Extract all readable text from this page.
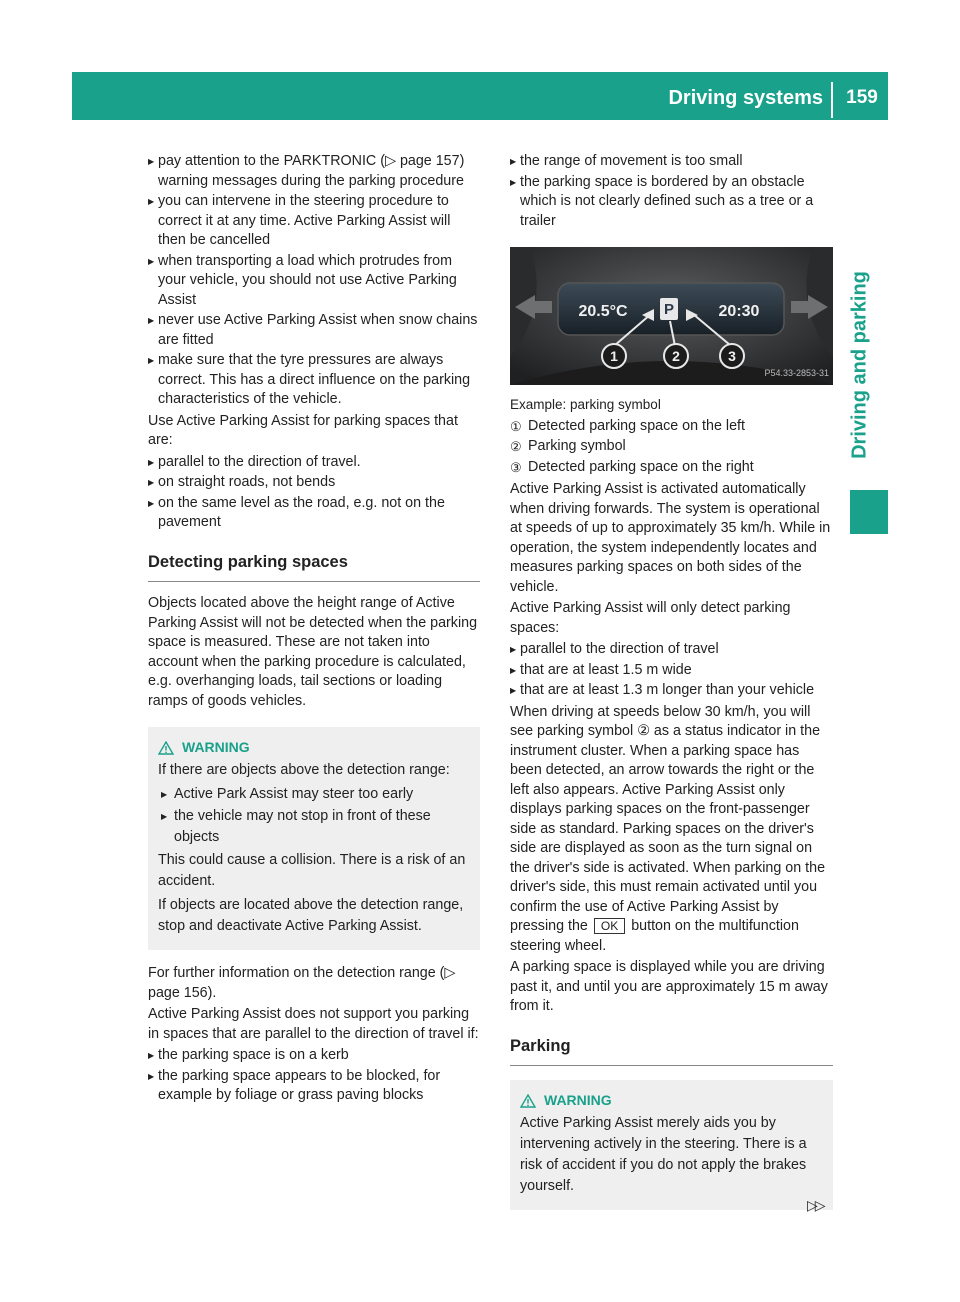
Driving systems	159
Driving and parking
▶ pay attention to the PARKTRONIC (▷ page 157) warning messages during the parking procedure
▶ you can intervene in the steering procedure to correct it at any time. Active Parking Assist will then be cancelled
▶ when transporting a load which protrudes from your vehicle, you should not use Active Parking Assist
▶ never use Active Parking Assist when snow chains are fitted
▶ make sure that the tyre pressures are always correct. This has a direct influence on the parking characteristics of the vehicle.

Use Active Parking Assist for parking spaces that are:

▶ parallel to the direction of travel.
▶ on straight roads, not bends
▶ on the same level as the road, e.g. not on the pavement
Detecting parking spaces

Objects located above the height range of Active Parking Assist will not be detected when the parking space is measured. These are not taken into account when the parking procedure is calculated, e.g. overhanging loads, tail sections or loading ramps of goods vehicles.

WARNING

If there are objects above the detection range:

▶ Active Park Assist may steer too early
▶ the vehicle may not stop in front of these objects

This could cause a collision. There is a risk of an accident.

If objects are located above the detection range, stop and deactivate Active Parking Assist.

For further information on the detection range (▷ page 156).

Active Parking Assist does not support you parking in spaces that are parallel to the direction of travel if:

▶ the parking space is on a kerb
▶ the parking space appears to be blocked, for example by foliage or grass paving blocks
▶ the range of movement is too small
▶ the parking space is bordered by an obstacle which is not clearly defined such as a tree or a trailer
20.5°C	P	20:30
1	2	3
P54.33-2853-31

Example: parking symbol

① Detected parking space on the left
② Parking symbol
③ Detected parking space on the right

Active Parking Assist is activated automatically when driving forwards. The system is operational at speeds of up to approximately 35 km/h. While in operation, the system independently locates and measures parking spaces on both sides of the vehicle.

Active Parking Assist will only detect parking spaces:

▶ parallel to the direction of travel
▶ that are at least 1.5 m wide
▶ that are at least 1.3 m longer than your vehicle

When driving at speeds below 30 km/h, you will see parking symbol ② as a status indicator in the instrument cluster. When a parking space has been detected, an arrow towards the right or the left also appears. Active Parking Assist only displays parking spaces on the front-passenger side as standard. Parking spaces on the driver's side are displayed as soon as the turn signal on the driver's side is activated. When parking on the driver's side, this must remain activated until you confirm the use of Active Parking Assist by pressing the OK button on the multifunction steering wheel.

A parking space is displayed while you are driving past it, and until you are approximately 15 m away from it.

Parking
WARNING

Active Parking Assist merely aids you by intervening actively in the steering. There is a risk of accident if you do not apply the brakes yourself.

▷▷
